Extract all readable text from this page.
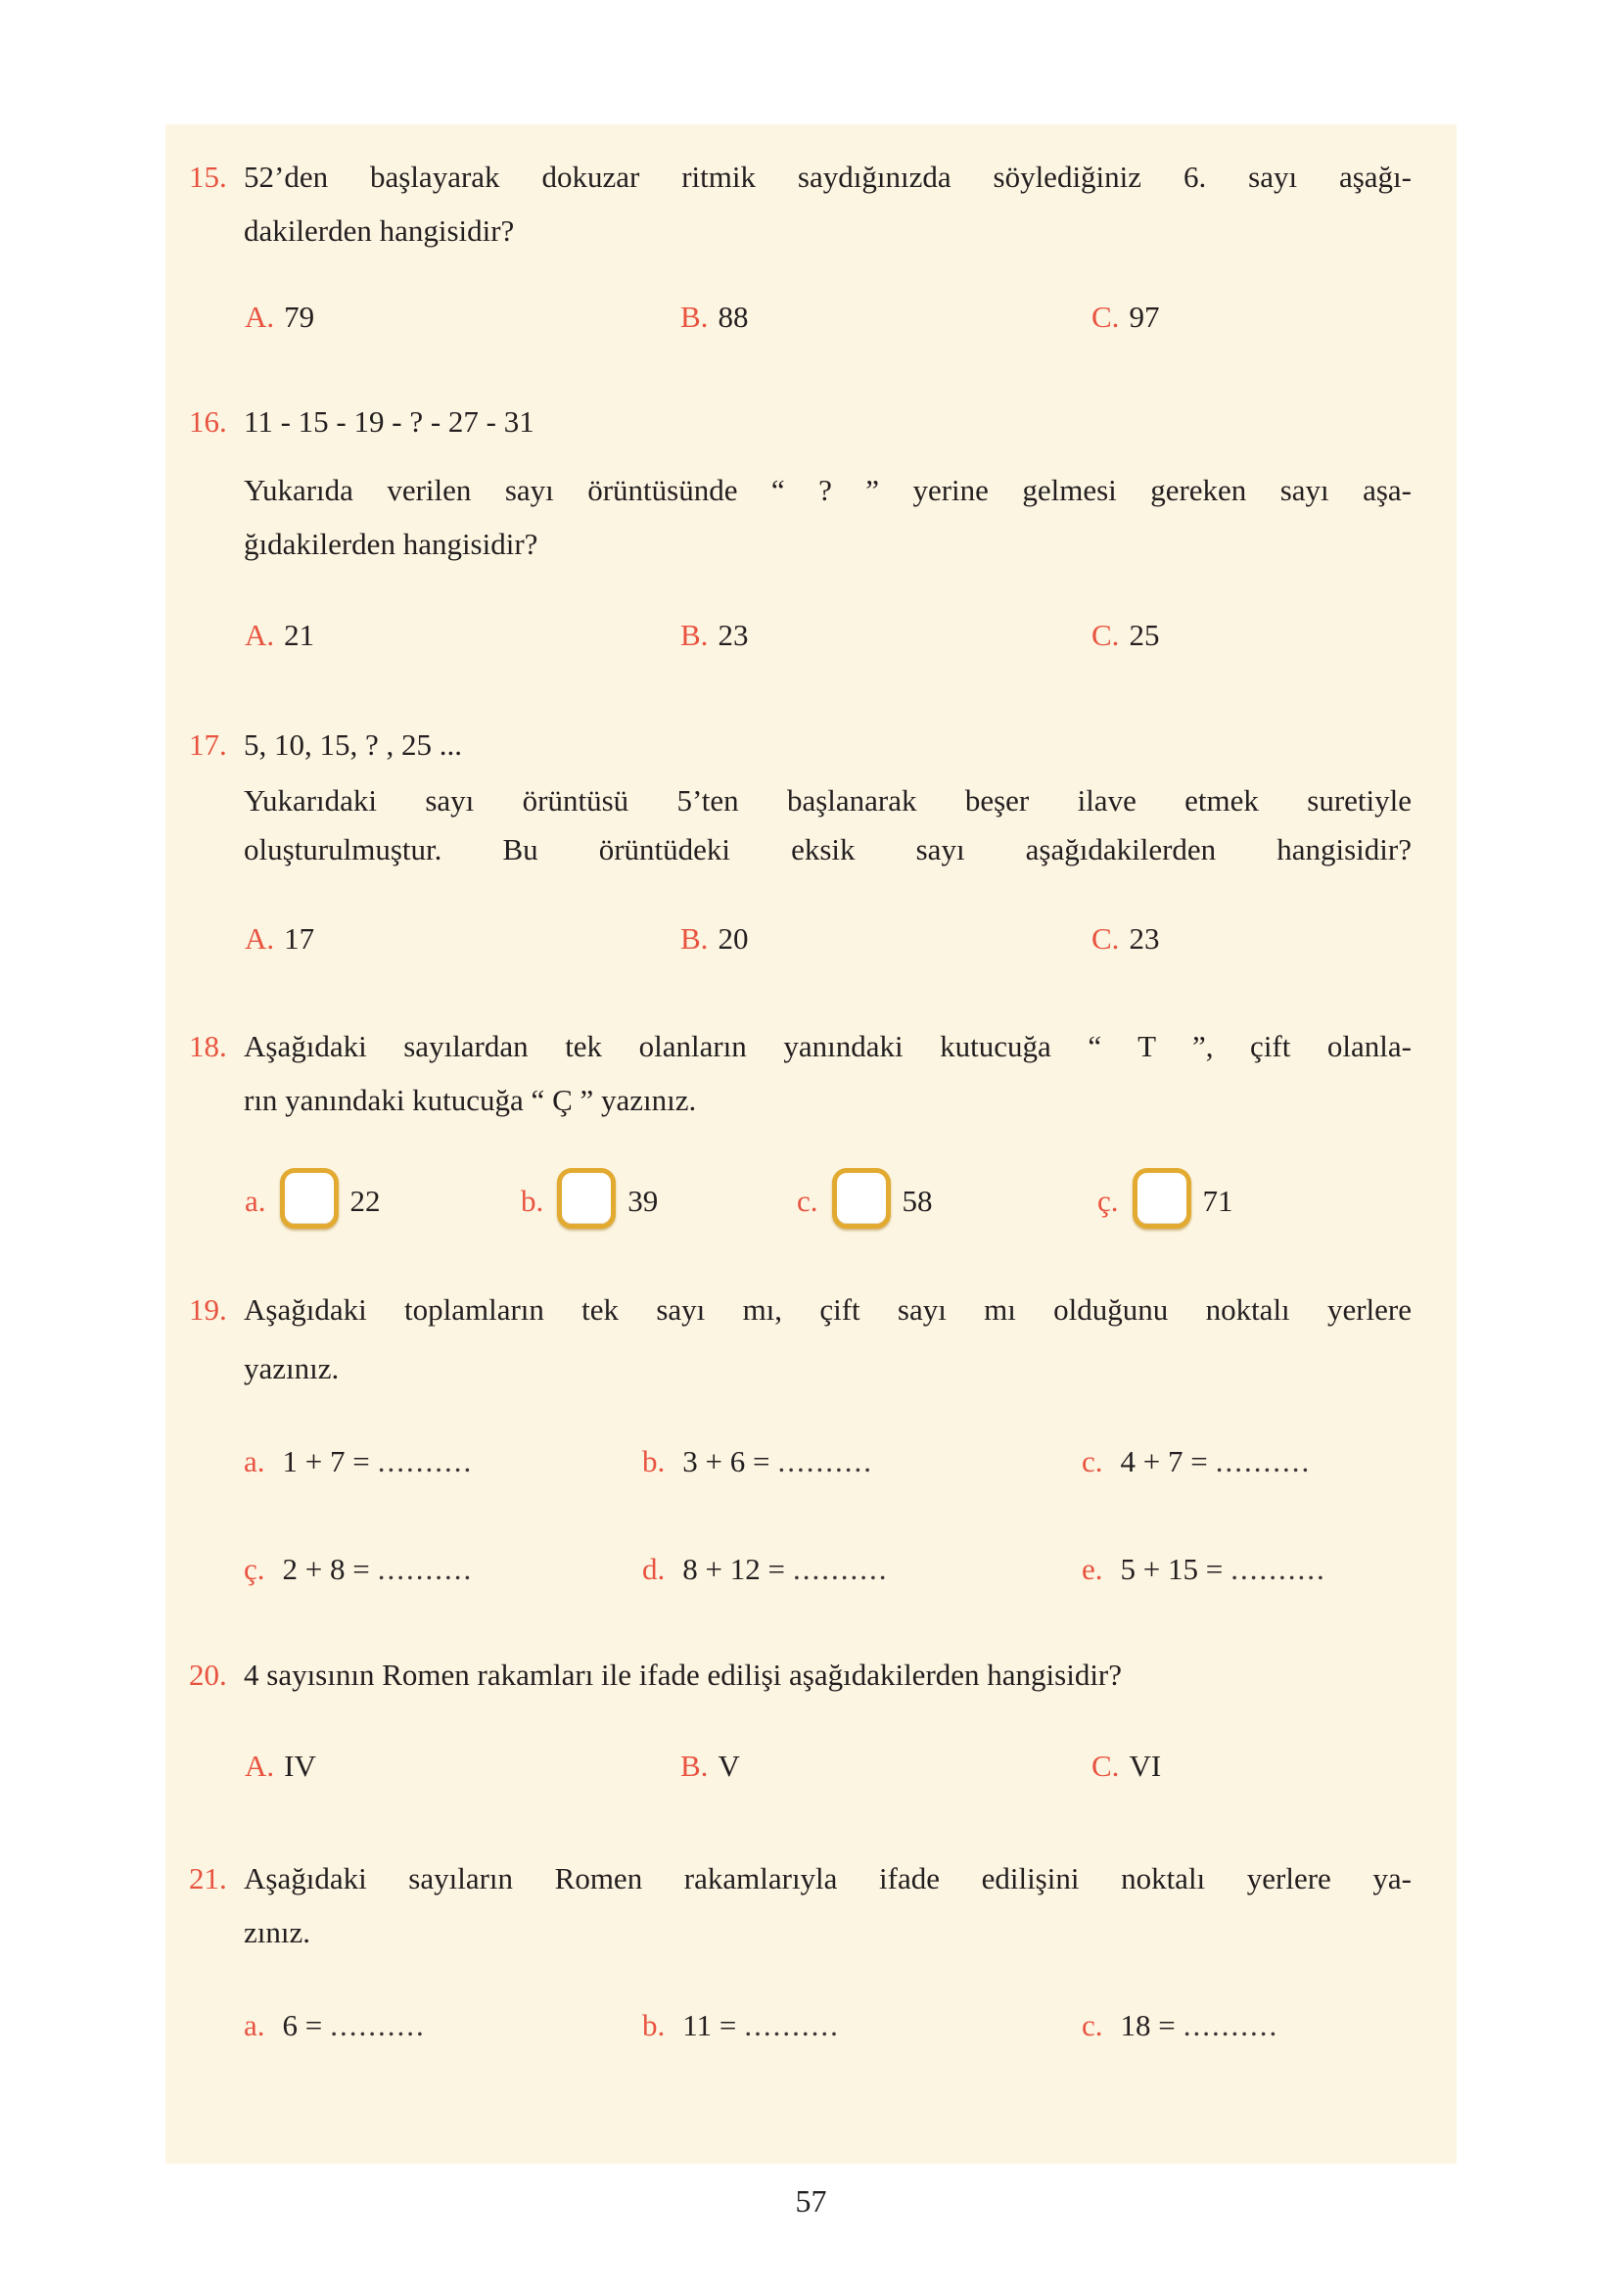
15. 52’den başlayarak dokuzar ritmik saydığınızda söylediğiniz 6. sayı aşağı-
dakilerden hangisidir?
A. 79	B. 88	C. 97
16. 11 - 15 - 19 - ? - 27 - 31
Yukarıda verilen sayı örüntüsünde “ ? ” yerine gelmesi gereken sayı aşa-
ğıdakilerden hangisidir?
A. 21	B. 23	C. 25
17. 5, 10, 15, ? , 25 ...
Yukarıdaki sayı örüntüsü 5’ten başlanarak beşer ilave etmek suretiyle
oluşturulmuştur. Bu örüntüdeki eksik sayı aşağıdakilerden hangisidir?
A. 17	B. 20	C. 23
18. Aşağıdaki sayılardan tek olanların yanındaki kutucuğa “ T ”, çift olanla-
rın yanındaki kutucuğa “ Ç ” yazınız.
a.	22	b.	39	c.	58	ç.	71
19. Aşağıdaki toplamların tek sayı mı, çift sayı mı olduğunu noktalı yerlere
yazınız.
a. 1 + 7 = ..........	b. 3 + 6 = ..........	c. 4 + 7 = ..........
ç. 2 + 8 = ..........	d. 8 + 12 = ..........	e. 5 + 15 = ..........
20. 4 sayısının Romen rakamları ile ifade edilişi aşağıdakilerden hangisidir?
A. IV	B. V	C. VI
21. Aşağıdaki sayıların Romen rakamlarıyla ifade edilişini noktalı yerlere ya-
zınız.
a. 6 = ..........	b. 11 = ..........	c. 18 = ..........
57
